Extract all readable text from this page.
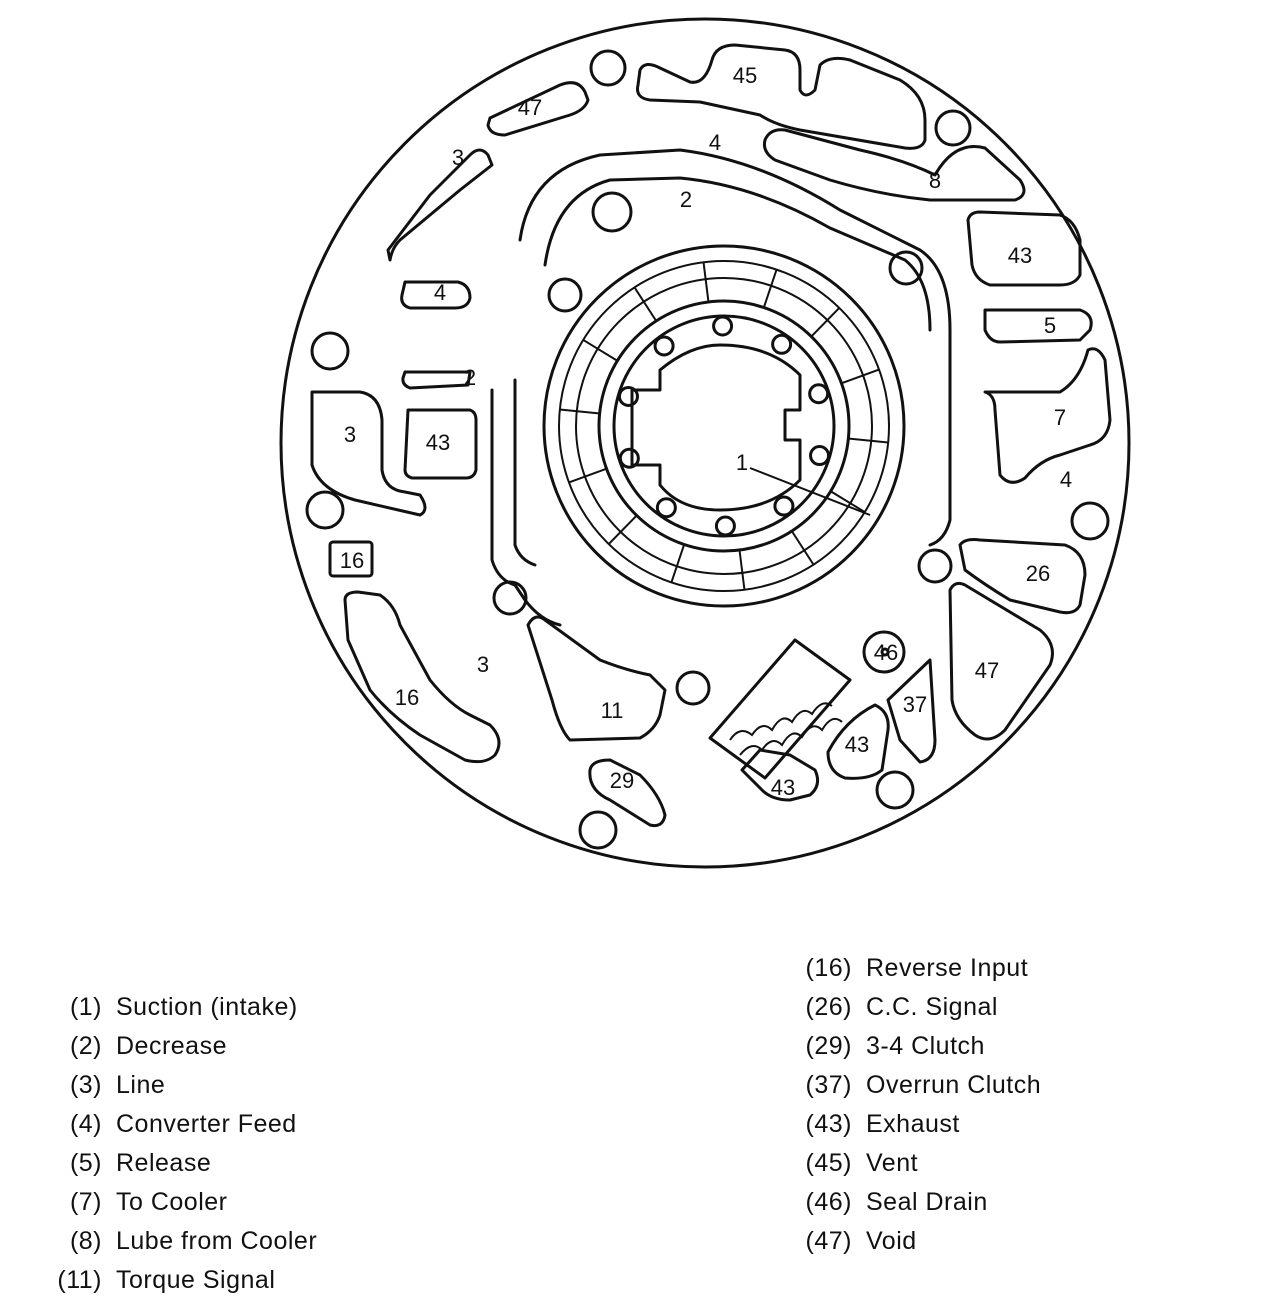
45
47
3
4
8
2
43
4
5
2
7
3	43
1
4
16
26
46
47
37
3
16
11
43
29	43
(1) Suction (intake)
(2) Decrease
(3) Line
(4) Converter Feed
(5) Release
(7) To Cooler
(8) Lube from Cooler
(11) Torque Signal
(16) Reverse Input
(26) C.C. Signal
(29) 3-4 Clutch
(37) Overrun Clutch
(43) Exhaust
(45) Vent
(46) Seal Drain
(47) Void
